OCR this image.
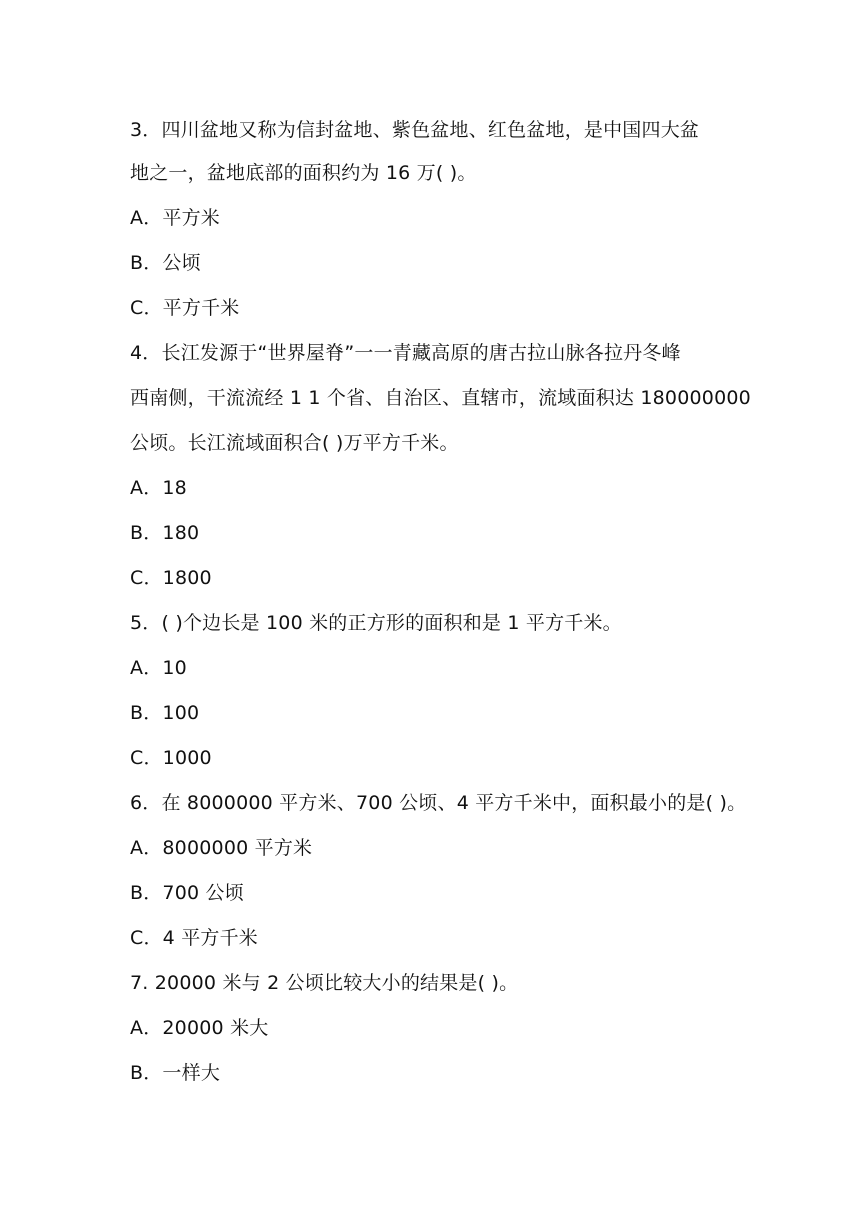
3．四川盆地又称为信封盆地、紫色盆地、红色盆地，是中国四大盆
地之一，盆地底部的面积约为 16 万( )。
A．平方米
B．公顷
C．平方千米
4．长江发源于“世界屋脊”一一青藏高原的唐古拉山脉各拉丹冬峰
西南侧，干流流经 1 1 个省、自治区、直辖市，流域面积达 180000000
公顷。长江流域面积合( )万平方千米。
A．18
B．180
C．1800
5．( )个边长是 100 米的正方形的面积和是 1 平方千米。
A．10
B．100
C．1000
6．在 8000000 平方米、700 公顷、4 平方千米中，面积最小的是( )。
A．8000000 平方米
B．700 公顷
C．4 平方千米
7. 20000 米与 2 公顷比较大小的结果是( )。
A．20000 米大
B．一样大
